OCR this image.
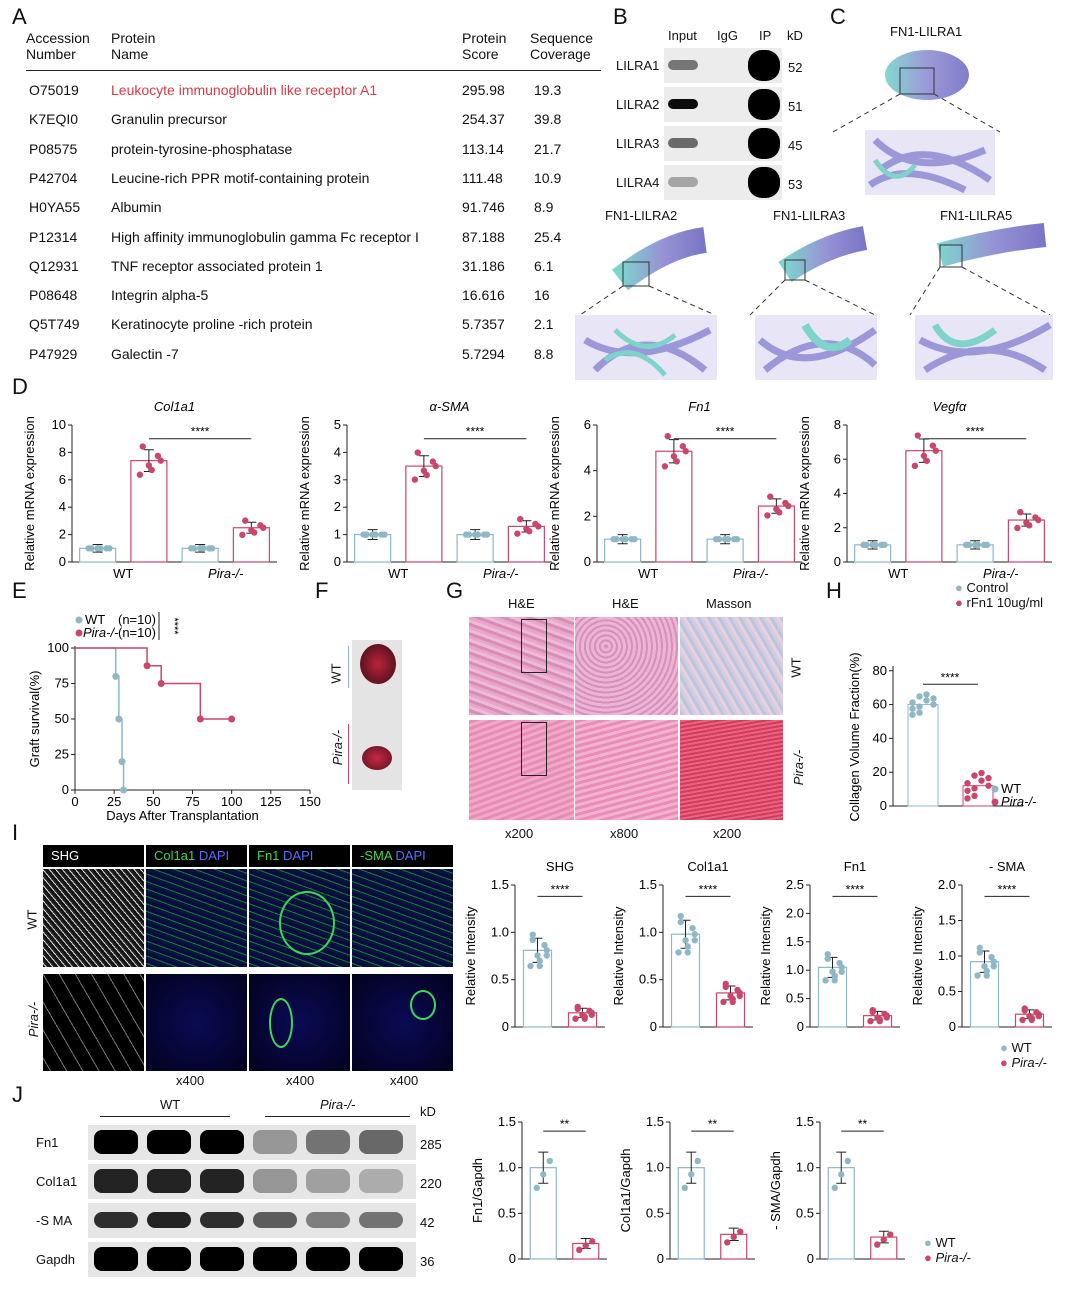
A	B	C
D
E	F	G	H
I
J
Accession
Number
Protein
Name
Protein
Score
Sequence
Coverage
O75019 Leukocyte immunoglobulin like receptor A1	295.98 19.3
K7EQI0 Granulin precursor	254.37 39.8
P08575 protein-tyrosine-phosphatase	113.14 21.7
P42704 Leucine-rich PPR motif-containing protein	111.48 10.9
H0YA55 Albumin	91.746 8.9
P12314 High affinity immunoglobulin gamma Fc receptor I	87.188 25.4
Q12931 TNF receptor associated protein 1	31.186 6.1
P08648 Integrin alpha-5	16.616 16
Q5T749 Keratinocyte proline -rich protein	5.7357 2.1
P47929 Galectin -7	5.7294 8.8
Input IgG IP kD
LILRA1	52
LILRA2	51
LILRA3	45
LILRA4	53
FN1-LILRA1
FN1-LILRA2	FN1-LILRA3	FN1-LILRA5
0
2
4
6
8
10	****
Col1a1
Relative mRNA expression
WT	Pira-/-
0
1
2
3
4
5	****
α-SMA
Relative mRNA expression
WT	Pira-/-
0
2
4
6	****
Fn1
Relative mRNA expression
WT	Pira-/-
0
2
4
6
8	****
Vegfα
Relative mRNA expression
WT	Pira-/-
● Control
● rFn1 10ug/ml
0
25
50
75
100
0 25 50 75 100 125 150
Days After Transplantation
Graft survival(%)
WT
Pira-/-
(n=10)
(n=10) ****
WT
Pira-/-
H&E	H&E	Masson
WT
Pira-/-
x200	x800	x200
0
20
40
60
80
Collagen Volume Fraction(%)	****
WT
Pira-/-
SHG	Col1a1 DAPI	Fn1 DAPI	-SMA DAPI
WT
Pira-/-
x400	x400	x400
0
0.5
1.0
1.5	****
SHG
Relative Intensity
0
0.5
1.0
1.5	****
Col1a1
Relative Intensity
0
0.5
1.0
1.5
2.0
2.5	****
Fn1
Relative Intensity
0
0.5
1.0
1.5
2.0	****
- SMA
Relative Intensity
● WT
● Pira-/-
WT	Pira-/-	kD
Fn1	285
Col1a1	220
-S MA	42
Gapdh	36	0
0.5
1.0
1.5	**
Fn1/Gapdh
0
0.5
1.0
1.5	**
Col1a1/Gapdh
0
0.5
1.0
1.5	**
- SMA/Gapdh
● WT
● Pira-/-
